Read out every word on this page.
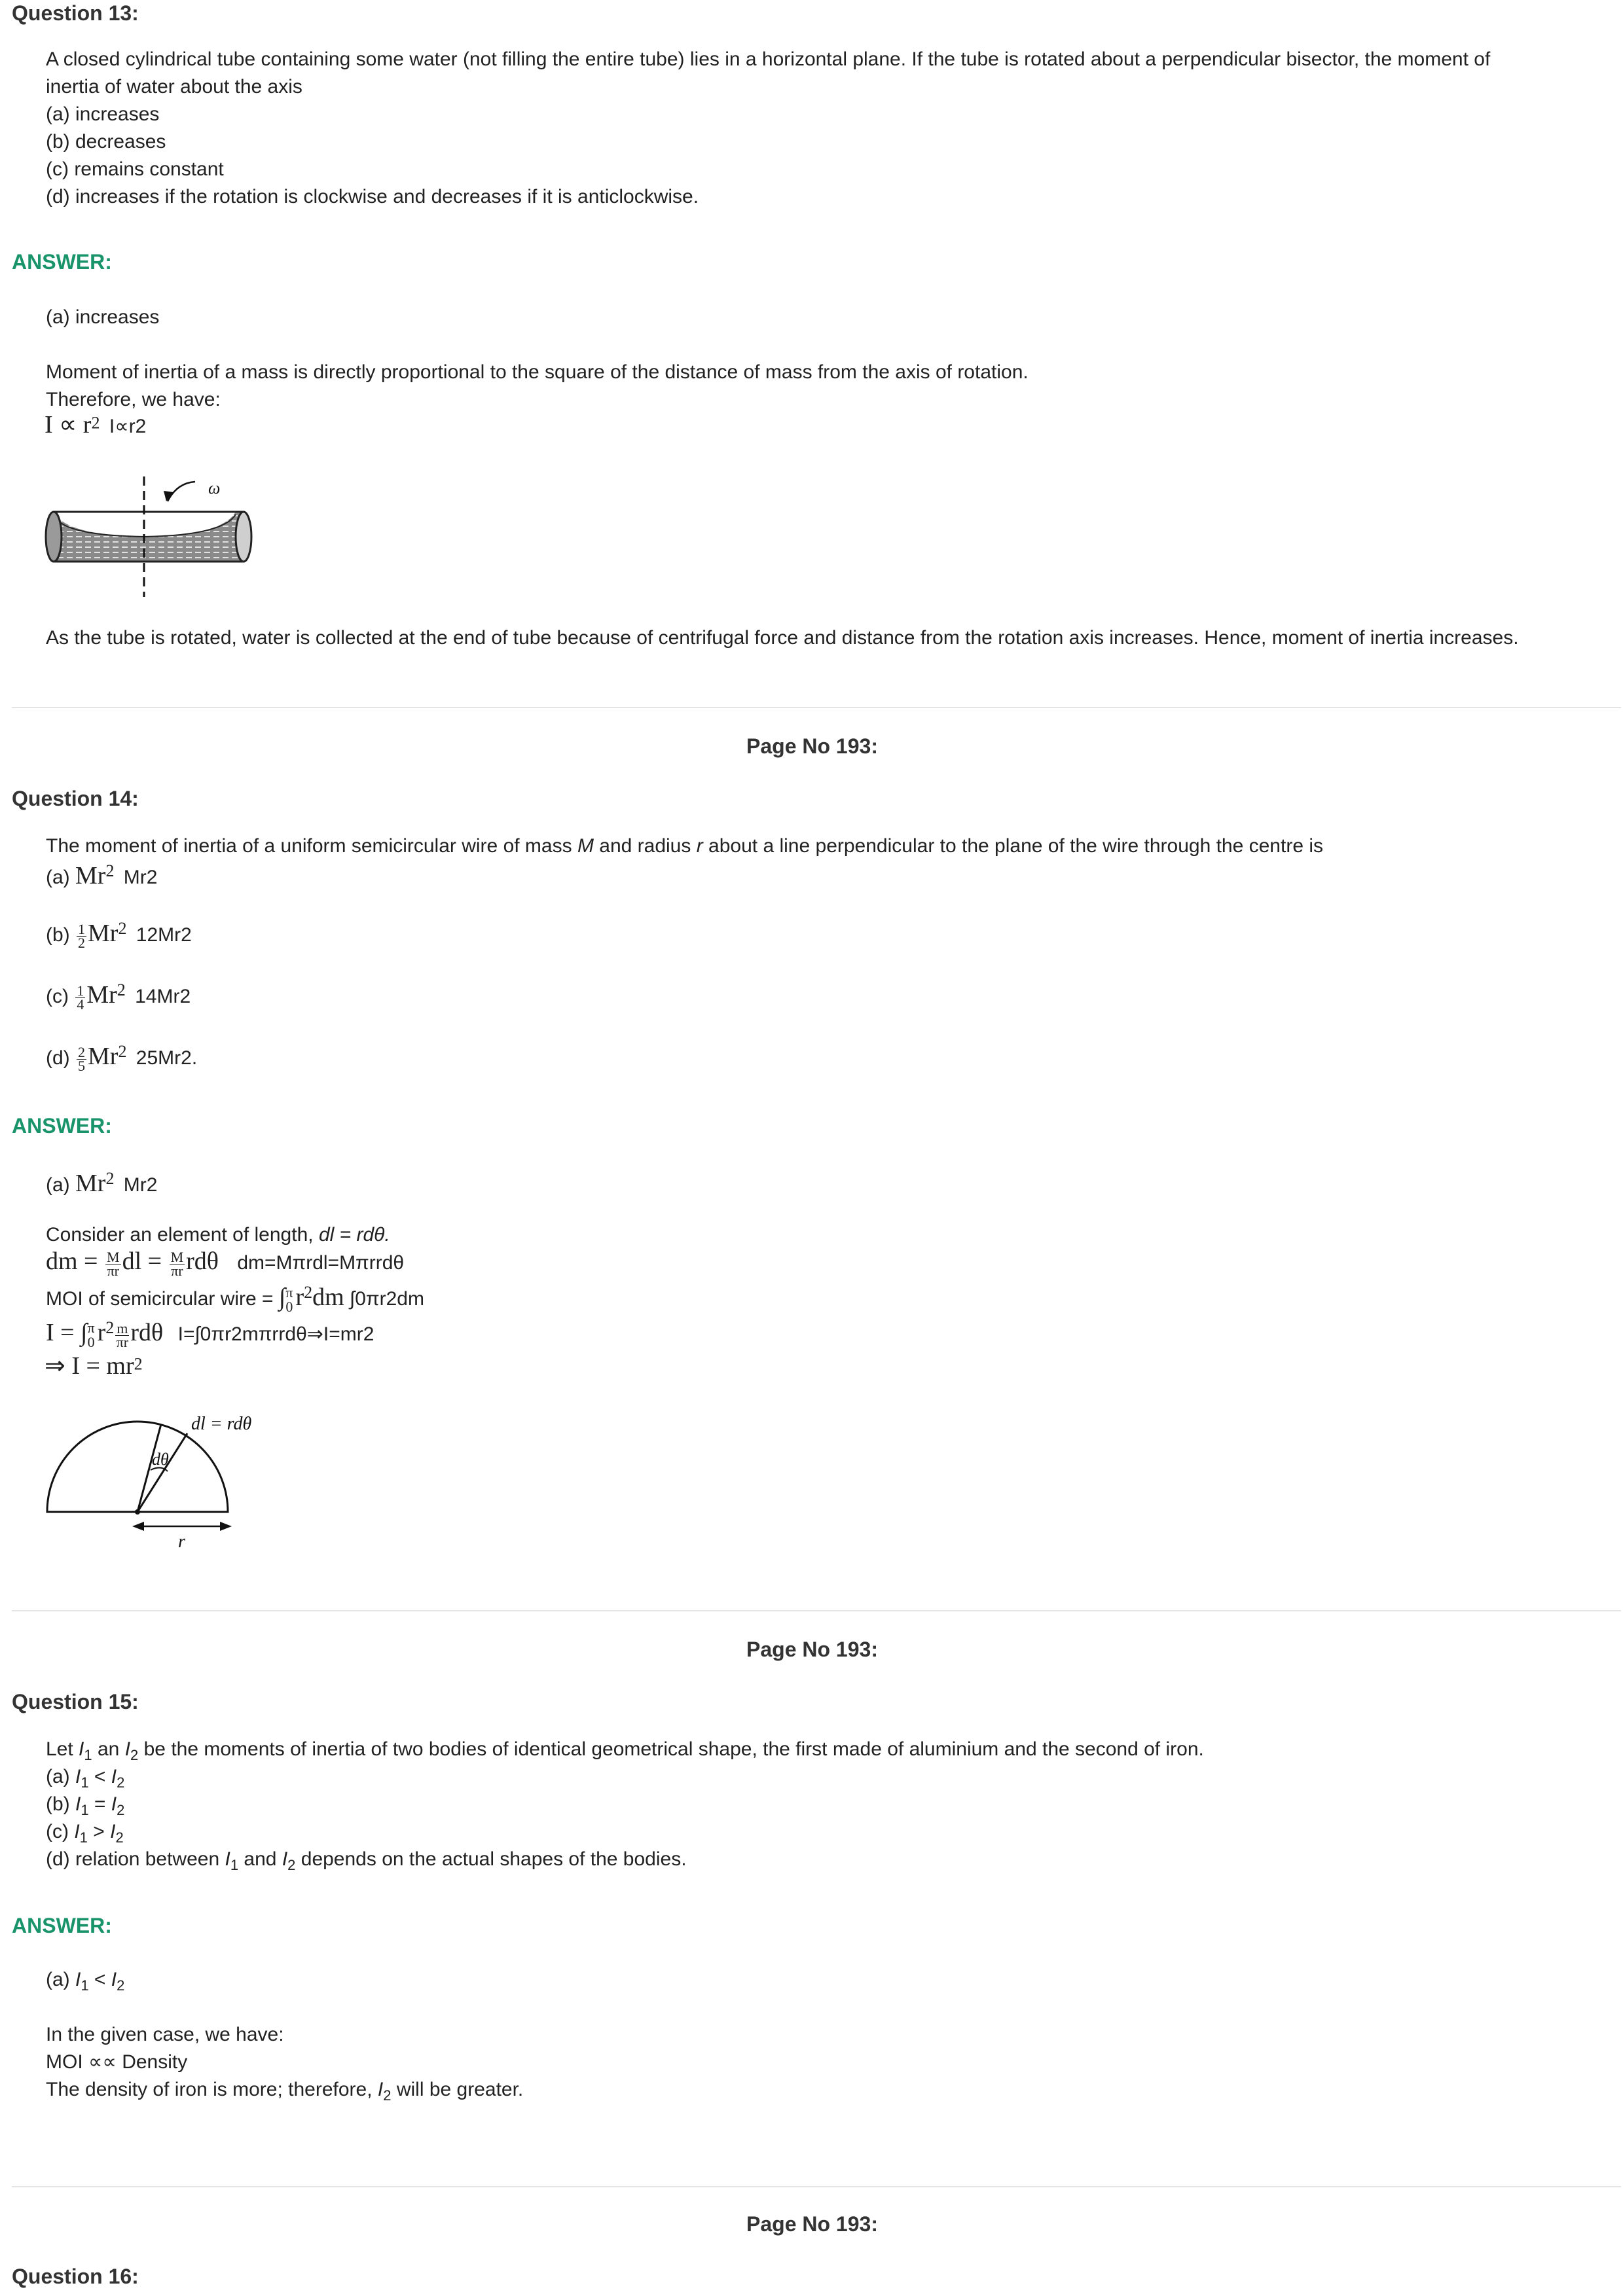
Question 13:
A closed cylindrical tube containing some water (not filling the entire tube) lies in a horizontal plane. If the tube is rotated about a perpendicular bisector, the moment of
inertia of water about the axis
(a) increases
(b) decreases
(c) remains constant
(d) increases if the rotation is clockwise and decreases if it is anticlockwise.
ANSWER:
(a) increases
Moment of inertia of a mass is directly proportional to the square of the distance of mass from the axis of rotation.
Therefore, we have:
$I \propto r^2$ I∝r2
ω
As the tube is rotated, water is collected at the end of tube because of centrifugal force and distance from the rotation axis increases. Hence, moment of inertia increases.
Page No 193:
Question 14:
The moment of inertia of a uniform semicircular wire of mass M and radius r about a line perpendicular to the plane of the wire through the centre is
(a) Mr$^2$ Mr2
$(b) \frac{1}{2} Mr^2$ 12Mr2
$(c) \frac{1}{4} Mr^2$ 14Mr2
$(d) \frac{2}{5} Mr^2$ 25Mr2.
ANSWER:
(a) Mr$^2$ Mr2
Consider an element of length, dl = rdθ.
dm = $\frac{M}{\pi r}$ dl = $\frac{M}{\pi r}$ rdθ dm=Mπrdl=Mπrrdθ
MOI of semicircular wire = ∫ π
0 $r^2dm$ ∫0πr2dm
I = ∫ π
0 $r^2 \frac{m}{\pi r}$ rdθ I=∫0πr2mπrrdθ⇒I=mr2
⇒ $I = mr^2$
dl = rdθ
dθ
r
Page No 193:
Question 15:
Let $I_1$ an $I_2$ be the moments of inertia of two bodies of identical geometrical shape, the first made of aluminium and the second of iron.
(a) $I_1 < I_2$
(b) $I_1 = I_2$
(c) $I_1 > I_2$
(d) relation between $I_1$ and $I_2$ depends on the actual shapes of the bodies.
ANSWER:
(a) $I_1 < I_2$
In the given case, we have:
MOI ∝∝ Density
The density of iron is more; therefore, $I_2$ will be greater.
Page No 193:
Question 16:
